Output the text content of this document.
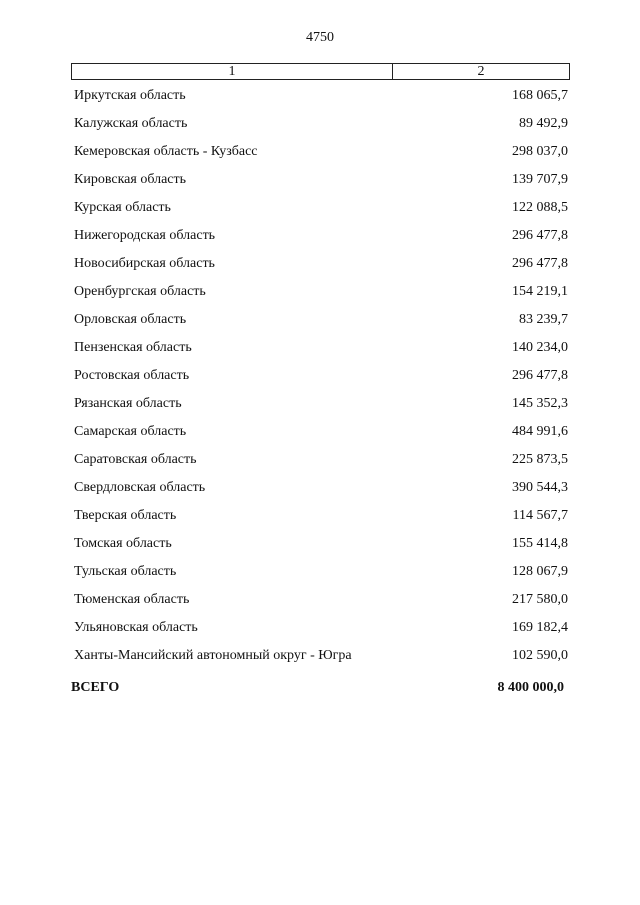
4750
1	2
Иркутская область	168 065,7
Калужская область	89 492,9
Кемеровская область - Кузбасс	298 037,0
Кировская область	139 707,9
Курская область	122 088,5
Нижегородская область	296 477,8
Новосибирская область	296 477,8
Оренбургская область	154 219,1
Орловская область	83 239,7
Пензенская область	140 234,0
Ростовская область	296 477,8
Рязанская область	145 352,3
Самарская область	484 991,6
Саратовская область	225 873,5
Свердловская область	390 544,3
Тверская область	114 567,7
Томская область	155 414,8
Тульская область	128 067,9
Тюменская область	217 580,0
Ульяновская область	169 182,4
Ханты-Мансийский автономный округ - Югра	102 590,0
ВСЕГО	8 400 000,0
